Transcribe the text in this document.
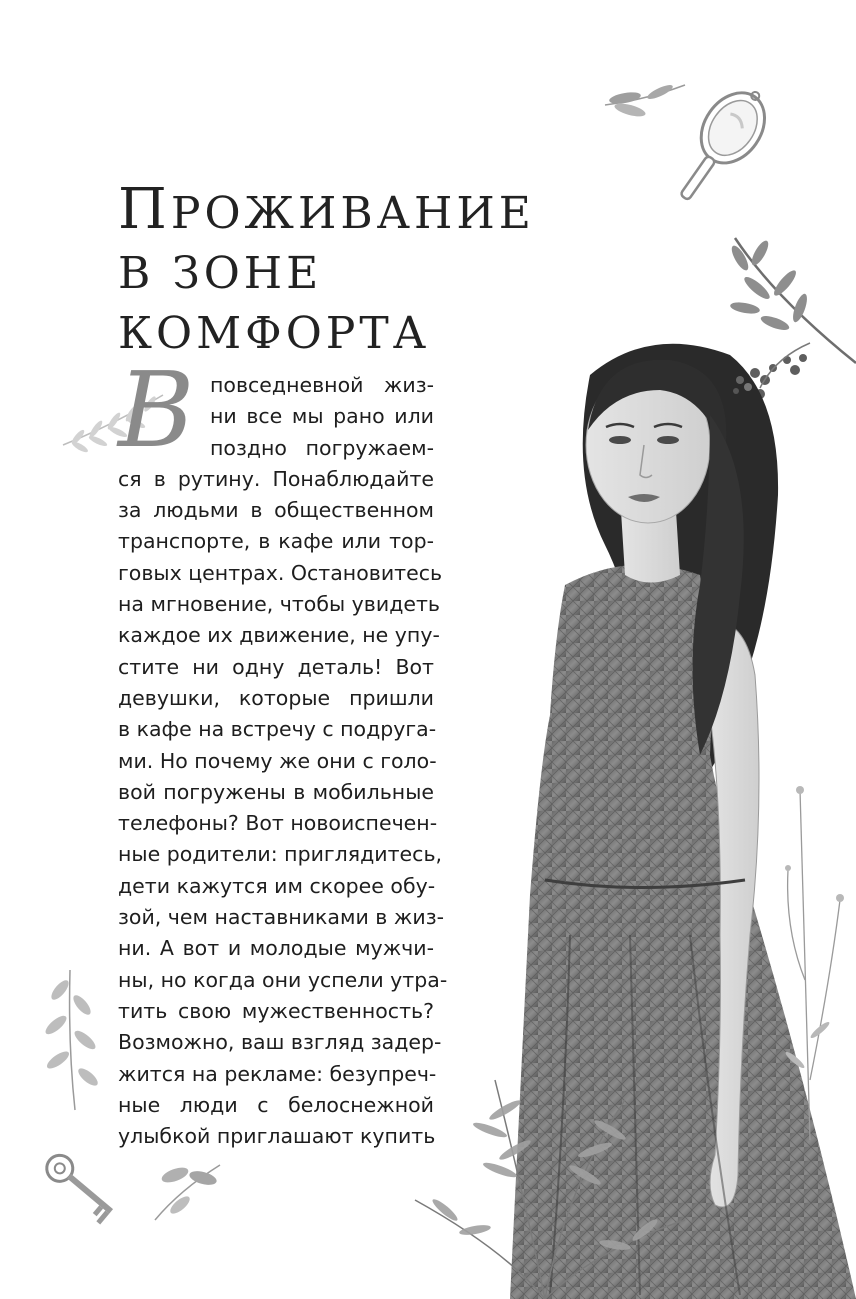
ПРОЖИВАНИЕ
В ЗОНЕ КОМФОРТА
В повседневной жиз-
ни все мы рано или
поздно погружаем-
ся в рутину. Понаблюдайте
за людьми в общественном
транспорте, в кафе или тор-
говых центрах. Остановитесь
на мгновение, чтобы увидеть
каждое их движение, не упу-
стите ни одну деталь! Вот
девушки, которые пришли
в кафе на встречу с подруга-
ми. Но почему же они с голо-
вой погружены в мобильные
телефоны? Вот новоиспечен-
ные родители: приглядитесь,
дети кажутся им скорее обу-
зой, чем наставниками в жиз-
ни. А вот и молодые мужчи-
ны, но когда они успели утра-
тить свою мужественность?
Возможно, ваш взгляд задер-
жится на рекламе: безупреч-
ные люди с белоснежной
улыбкой приглашают купить
